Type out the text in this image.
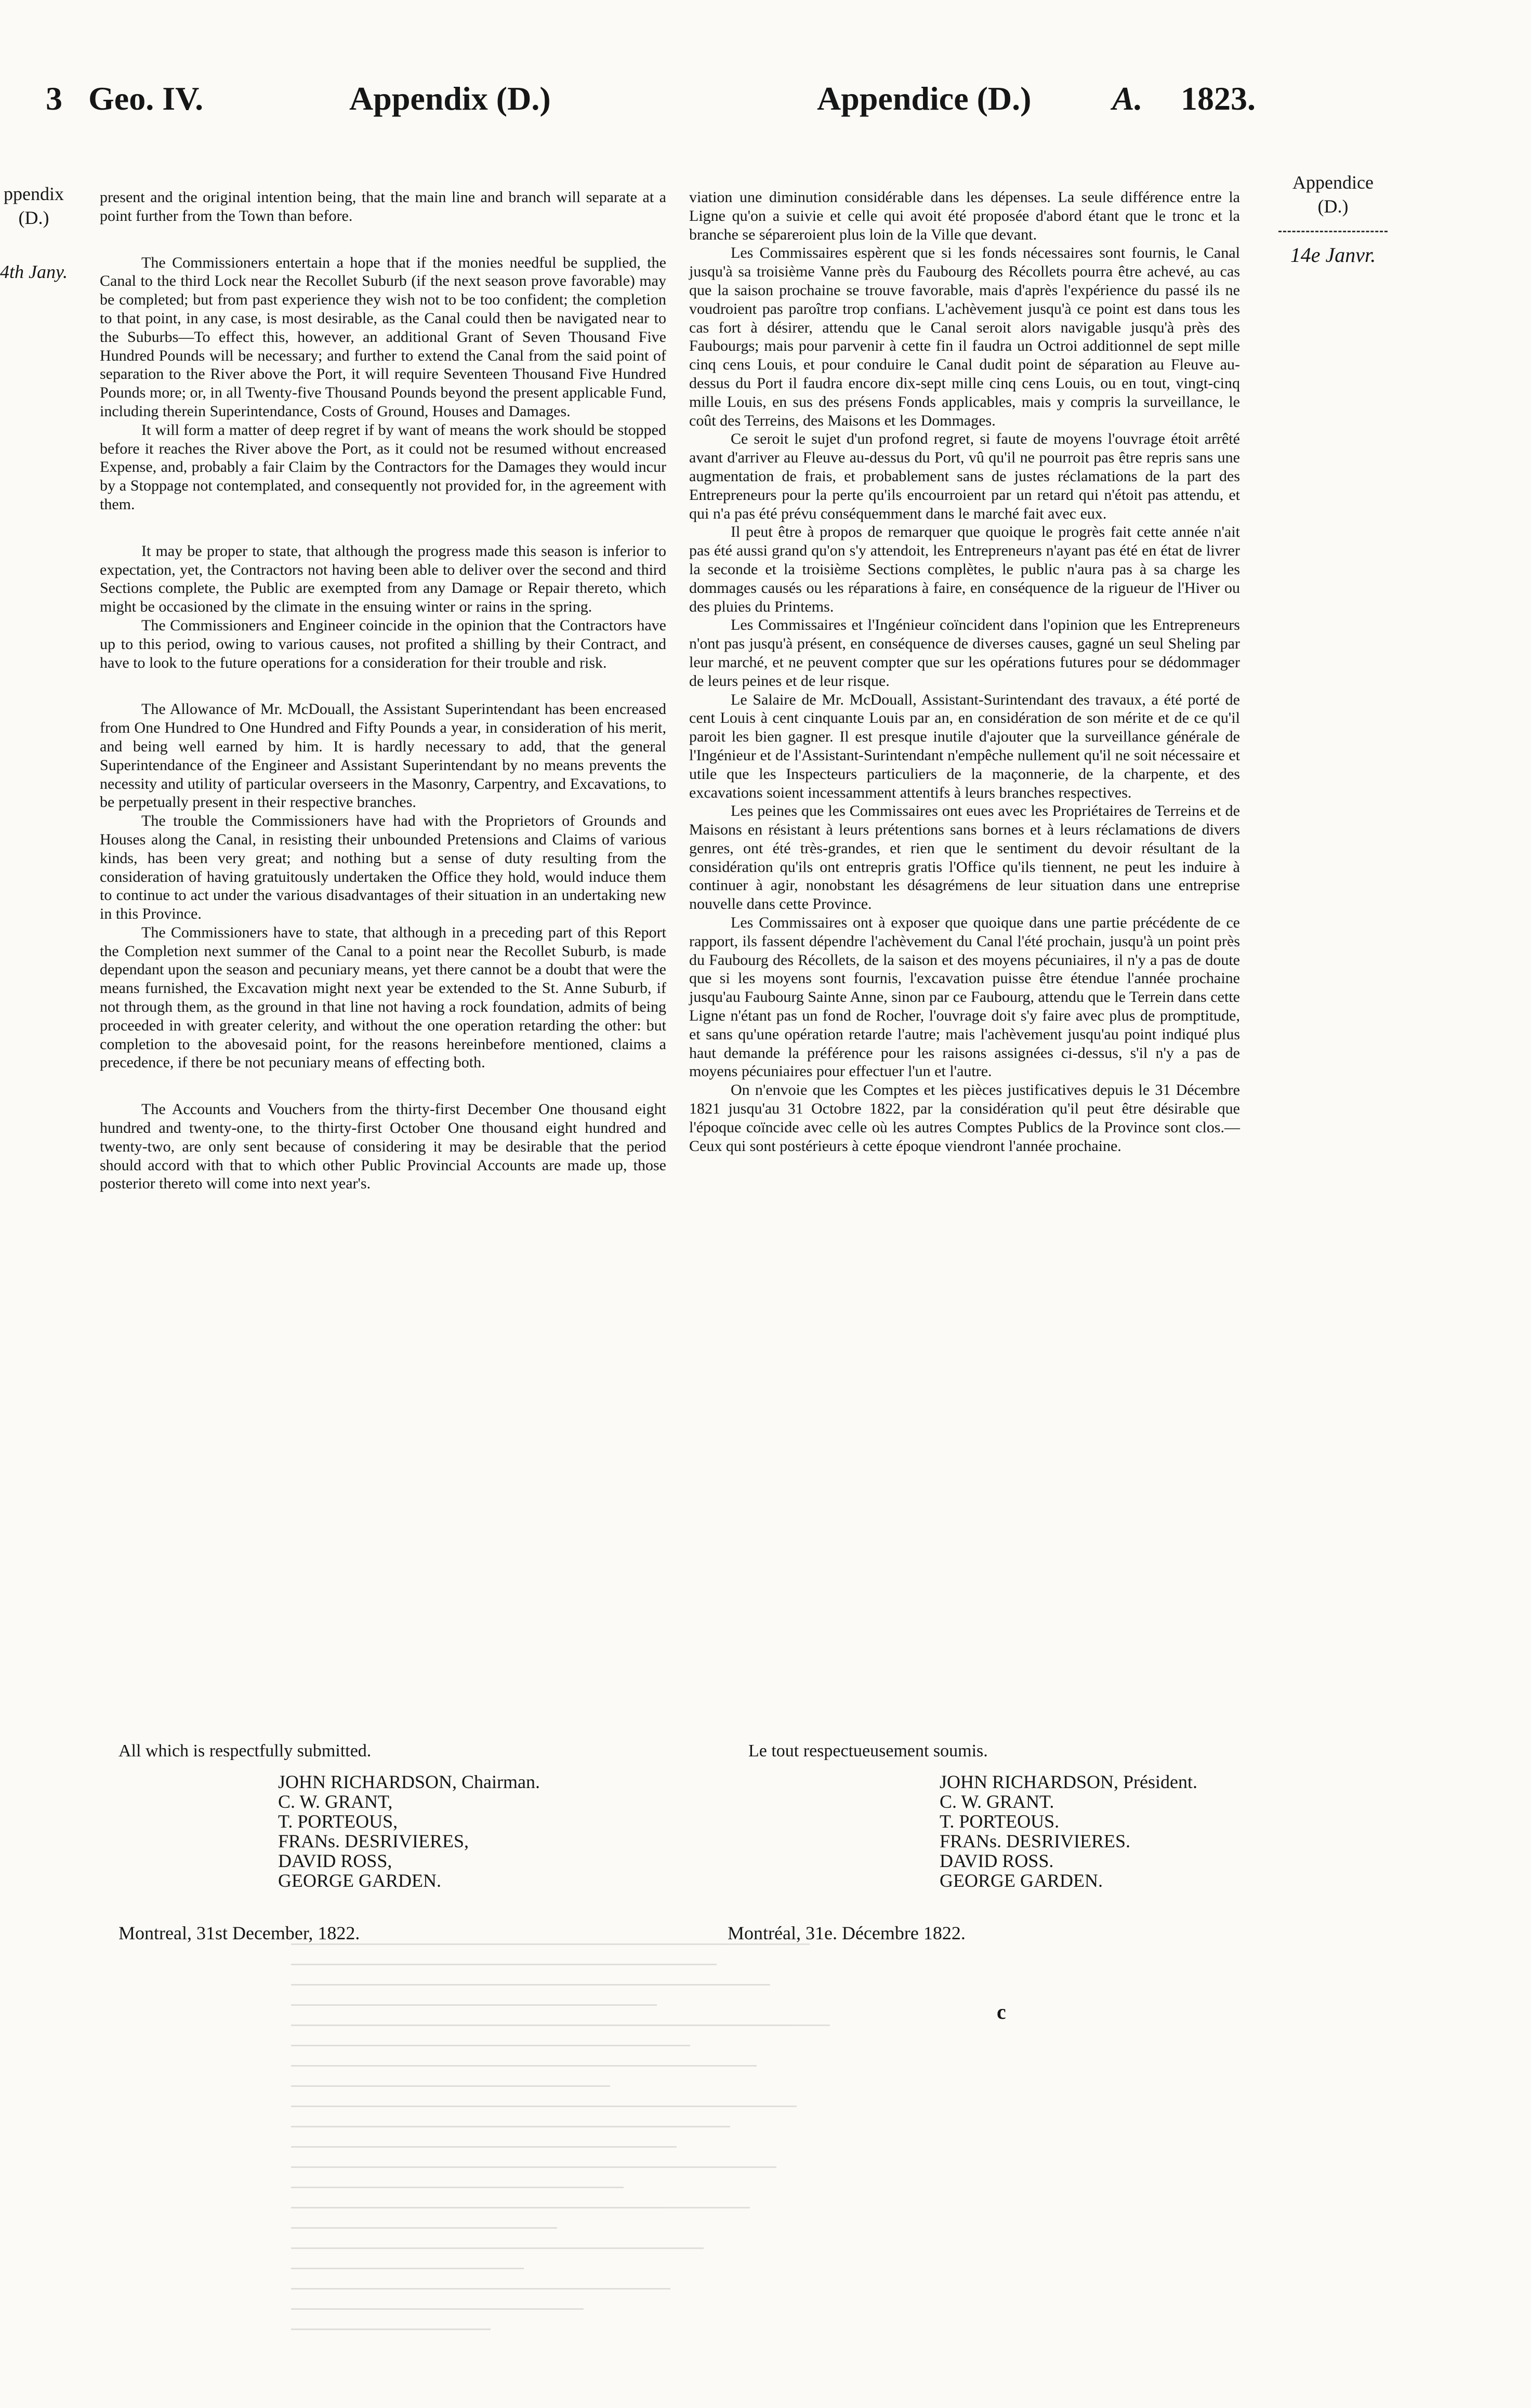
3 Geo. IV.	Appendix (D.)	Appendice (D.) A. 1823.
ppendix
(D.)
4th Jany.
Appendice
(D.)
14e Janvr.

present and the original intention being, that the main line and branch will separate at a point further from the Town than before.

The Commissioners entertain a hope that if the monies needful be supplied, the Canal to the third Lock near the Recollet Suburb (if the next season prove favorable) may be completed; but from past experience they wish not to be too confident; the completion to that point, in any case, is most desirable, as the Canal could then be navigated near to the Suburbs—To effect this, however, an additional Grant of Seven Thousand Five Hundred Pounds will be necessary; and further to extend the Canal from the said point of separation to the River above the Port, it will require Seventeen Thousand Five Hundred Pounds more; or, in all Twenty-five Thousand Pounds beyond the present applicable Fund, including therein Superintendance, Costs of Ground, Houses and Damages.

It will form a matter of deep regret if by want of means the work should be stopped before it reaches the River above the Port, as it could not be resumed without encreased Expense, and, probably a fair Claim by the Contractors for the Damages they would incur by a Stoppage not contemplated, and consequently not provided for, in the agreement with them.

It may be proper to state, that although the progress made this season is inferior to expectation, yet, the Contractors not having been able to deliver over the second and third Sections complete, the Public are exempted from any Damage or Repair thereto, which might be occasioned by the climate in the ensuing winter or rains in the spring.

The Commissioners and Engineer coincide in the opinion that the Contractors have up to this period, owing to various causes, not profited a shilling by their Contract, and have to look to the future operations for a consideration for their trouble and risk.

The Allowance of Mr. McDouall, the Assistant Superintendant has been encreased from One Hundred to One Hundred and Fifty Pounds a year, in consideration of his merit, and being well earned by him. It is hardly necessary to add, that the general Superintendance of the Engineer and Assistant Superintendant by no means prevents the necessity and utility of particular overseers in the Masonry, Carpentry, and Excavations, to be perpetually present in their respective branches.

The trouble the Commissioners have had with the Proprietors of Grounds and Houses along the Canal, in resisting their unbounded Pretensions and Claims of various kinds, has been very great; and nothing but a sense of duty resulting from the consideration of having gratuitously undertaken the Office they hold, would induce them to continue to act under the various disadvantages of their situation in an undertaking new in this Province.

The Commissioners have to state, that although in a preceding part of this Report the Completion next summer of the Canal to a point near the Recollet Suburb, is made dependant upon the season and pecuniary means, yet there cannot be a doubt that were the means furnished, the Excavation might next year be extended to the St. Anne Suburb, if not through them, as the ground in that line not having a rock foundation, admits of being proceeded in with greater celerity, and without the one operation retarding the other: but completion to the abovesaid point, for the reasons hereinbefore mentioned, claims a precedence, if there be not pecuniary means of effecting both.

The Accounts and Vouchers from the thirty-first December One thousand eight hundred and twenty-one, to the thirty-first October One thousand eight hundred and twenty-two, are only sent because of considering it may be desirable that the period should accord with that to which other Public Provincial Accounts are made up, those posterior thereto will come into next year's.

viation une diminution considérable dans les dépenses. La seule différence entre la Ligne qu'on a suivie et celle qui avoit été proposée d'abord étant que le tronc et la branche se sépareroient plus loin de la Ville que devant.

Les Commissaires espèrent que si les fonds nécessaires sont fournis, le Canal jusqu'à sa troisième Vanne près du Faubourg des Récollets pourra être achevé, au cas que la saison prochaine se trouve favorable, mais d'après l'expérience du passé ils ne voudroient pas paroître trop confians. L'achèvement jusqu'à ce point est dans tous les cas fort à désirer, attendu que le Canal seroit alors navigable jusqu'à près des Faubourgs; mais pour parvenir à cette fin il faudra un Octroi additionnel de sept mille cinq cens Louis, et pour conduire le Canal dudit point de séparation au Fleuve au-dessus du Port il faudra encore dix-sept mille cinq cens Louis, ou en tout, vingt-cinq mille Louis, en sus des présens Fonds applicables, mais y compris la surveillance, le coût des Terreins, des Maisons et les Dommages.

Ce seroit le sujet d'un profond regret, si faute de moyens l'ouvrage étoit arrêté avant d'arriver au Fleuve au-dessus du Port, vû qu'il ne pourroit pas être repris sans une augmentation de frais, et probablement sans de justes réclamations de la part des Entrepreneurs pour la perte qu'ils encourroient par un retard qui n'étoit pas attendu, et qui n'a pas été prévu conséquemment dans le marché fait avec eux.

Il peut être à propos de remarquer que quoique le progrès fait cette année n'ait pas été aussi grand qu'on s'y attendoit, les Entrepreneurs n'ayant pas été en état de livrer la seconde et la troisième Sections complètes, le public n'aura pas à sa charge les dommages causés ou les réparations à faire, en conséquence de la rigueur de l'Hiver ou des pluies du Printems.

Les Commissaires et l'Ingénieur coïncident dans l'opinion que les Entrepreneurs n'ont pas jusqu'à présent, en conséquence de diverses causes, gagné un seul Sheling par leur marché, et ne peuvent compter que sur les opérations futures pour se dédommager de leurs peines et de leur risque.

Le Salaire de Mr. McDouall, Assistant-Surintendant des travaux, a été porté de cent Louis à cent cinquante Louis par an, en considération de son mérite et de ce qu'il paroit les bien gagner. Il est presque inutile d'ajouter que la surveillance générale de l'Ingénieur et de l'Assistant-Surintendant n'empêche nullement qu'il ne soit nécessaire et utile que les Inspecteurs particuliers de la maçonnerie, de la charpente, et des excavations soient incessamment attentifs à leurs branches respectives.

Les peines que les Commissaires ont eues avec les Propriétaires de Terreins et de Maisons en résistant à leurs prétentions sans bornes et à leurs réclamations de divers genres, ont été très-grandes, et rien que le sentiment du devoir résultant de la considération qu'ils ont entrepris gratis l'Office qu'ils tiennent, ne peut les induire à continuer à agir, nonobstant les désagrémens de leur situation dans une entreprise nouvelle dans cette Province.

Les Commissaires ont à exposer que quoique dans une partie précédente de ce rapport, ils fassent dépendre l'achèvement du Canal l'été prochain, jusqu'à un point près du Faubourg des Récollets, de la saison et des moyens pécuniaires, il n'y a pas de doute que si les moyens sont fournis, l'excavation puisse être étendue l'année prochaine jusqu'au Faubourg Sainte Anne, sinon par ce Faubourg, attendu que le Terrein dans cette Ligne n'étant pas un fond de Rocher, l'ouvrage doit s'y faire avec plus de promptitude, et sans qu'une opération retarde l'autre; mais l'achèvement jusqu'au point indiqué plus haut demande la préférence pour les raisons assignées ci-dessus, s'il n'y a pas de moyens pécuniaires pour effectuer l'un et l'autre.

On n'envoie que les Comptes et les pièces justificatives depuis le 31 Décembre 1821 jusqu'au 31 Octobre 1822, par la considération qu'il peut être désirable que l'époque coïncide avec celle où les autres Comptes Publics de la Province sont clos.—Ceux qui sont postérieurs à cette époque viendront l'année prochaine.

All which is respectfully submitted.	Le tout respectueusement soumis.
JOHN RICHARDSON, Chairman.
C. W. GRANT,
T. PORTEOUS,
FRANs. DESRIVIERES,
DAVID ROSS,
GEORGE GARDEN.
JOHN RICHARDSON, Président.
C. W. GRANT.
T. PORTEOUS.
FRANs. DESRIVIERES.
DAVID ROSS.
GEORGE GARDEN.
Montreal, 31st December, 1822.	Montréal, 31e. Décembre 1822.
c
